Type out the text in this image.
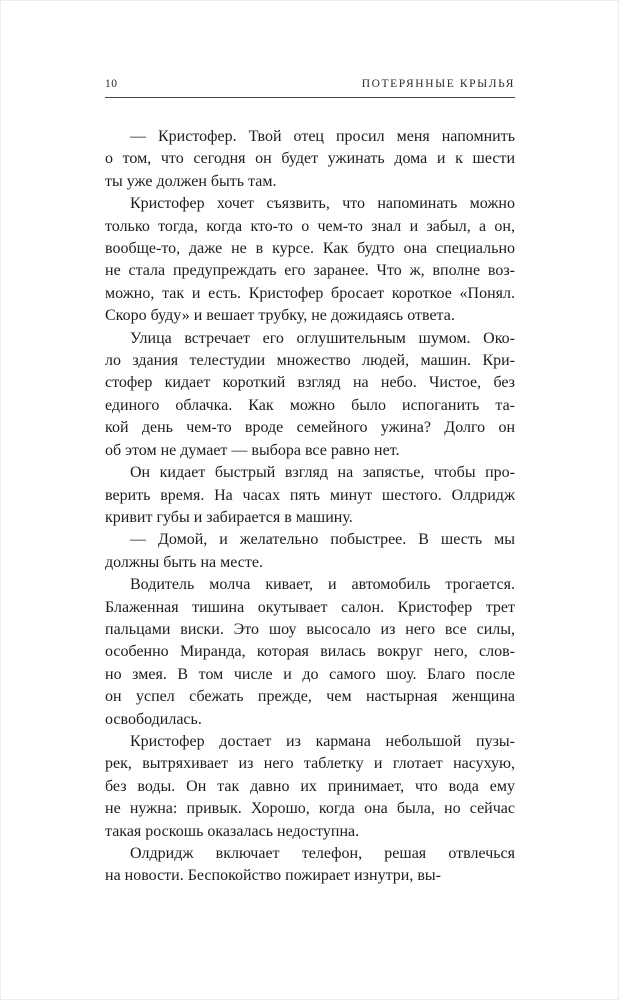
10	ПОТЕРЯННЫЕ КРЫЛЬЯ
— Кристофер. Твой отец просил меня напомнить
о том, что сегодня он будет ужинать дома и к шести
ты уже должен быть там.
Кристофер хочет съязвить, что напоминать можно
только тогда, когда кто-то о чем-то знал и забыл, а он,
вообще-то, даже не в курсе. Как будто она специально
не стала предупреждать его заранее. Что ж, вполне воз-
можно, так и есть. Кристофер бросает короткое «Понял.
Скоро буду» и вешает трубку, не дожидаясь ответа.
Улица встречает его оглушительным шумом. Око-
ло здания телестудии множество людей, машин. Кри-
стофер кидает короткий взгляд на небо. Чистое, без
единого облачка. Как можно было испоганить та-
кой день чем-то вроде семейного ужина? Долго он
об этом не думает — выбора все равно нет.
Он кидает быстрый взгляд на запястье, чтобы про-
верить время. На часах пять минут шестого. Олдридж
кривит губы и забирается в машину.
— Домой, и желательно побыстрее. В шесть мы
должны быть на месте.
Водитель молча кивает, и автомобиль трогается.
Блаженная тишина окутывает салон. Кристофер трет
пальцами виски. Это шоу высосало из него все силы,
особенно Миранда, которая вилась вокруг него, слов-
но змея. В том числе и до самого шоу. Благо после
он успел сбежать прежде, чем настырная женщина
освободилась.
Кристофер достает из кармана небольшой пузы-
рек, вытряхивает из него таблетку и глотает насухую,
без воды. Он так давно их принимает, что вода ему
не нужна: привык. Хорошо, когда она была, но сейчас
такая роскошь оказалась недоступна.
Олдридж включает телефон, решая отвлечься
на новости. Беспокойство пожирает изнутри, вы-
